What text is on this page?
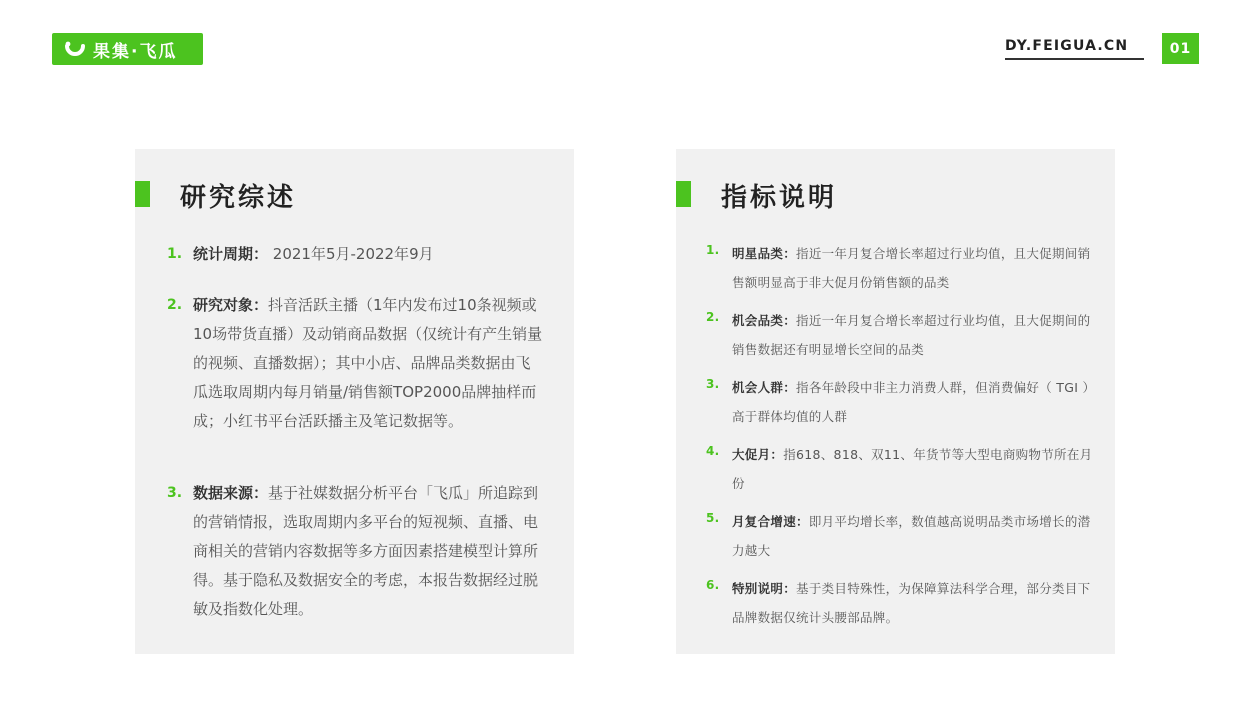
果集·飞瓜	DY.FEIGUA.CN	01
研究综述
1. 统计周期： 2021年5月-2022年9月
2. 研究对象：抖音活跃主播（1年内发布过10条视频或10场带货直播）及动销商品数据（仅统计有产生销量的视频、直播数据）；其中小店、品牌品类数据由飞瓜选取周期内每月销量/销售额TOP2000品牌抽样而成；小红书平台活跃播主及笔记数据等。
3. 数据来源：基于社媒数据分析平台「飞瓜」所追踪到的营销情报，选取周期内多平台的短视频、直播、电商相关的营销内容数据等多方面因素搭建模型计算所得。基于隐私及数据安全的考虑，本报告数据经过脱敏及指数化处理。
指标说明
1. 明星品类：指近一年月复合增长率超过行业均值，且大促期间销售额明显高于非大促月份销售额的品类
2. 机会品类：指近一年月复合增长率超过行业均值，且大促期间的销售数据还有明显增长空间的品类
3. 机会人群：指各年龄段中非主力消费人群，但消费偏好（ TGI ）高于群体均值的人群
4. 大促月：指618、818、双11、年货节等大型电商购物节所在月份
5. 月复合增速：即月平均增长率，数值越高说明品类市场增长的潜力越大
6. 特别说明：基于类目特殊性，为保障算法科学合理，部分类目下品牌数据仅统计头腰部品牌。
